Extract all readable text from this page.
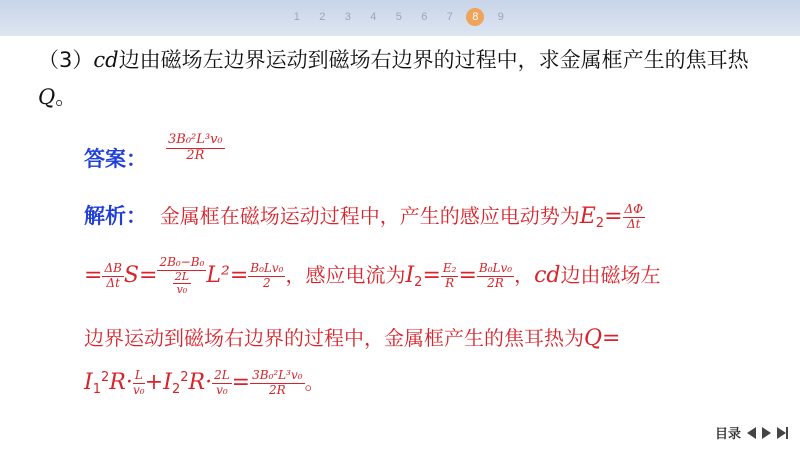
1	2	3	4	5	6	7	8	9
（3）cd边由磁场左边界运动到磁场右边界的过程中，求金属框产生的焦耳热Q。
答案： $\frac{\text{3B₀²L³v₀}}{2R}$
解析： 金属框在磁场运动过程中，产生的感应电动势为$E_2= \frac{\Delta\Phi}{\Delta t}$
= $\frac{\Delta B}{\Delta t} S= \frac{\text{2B₀−B₀}}{\frac{2L}{\text{v₀}}} L^2= \frac{\text{B₀Lv₀}}{2}$ ，感应电流为$I_2= \frac{\text{E₂}}{R} = \frac{\text{B₀Lv₀}}{2R}$ ，cd边由磁场左
边界运动到磁场右边界的过程中，金属框产生的焦耳热为Q=
$I_1^2R\cdot \frac{L}{\text{v₀}} +I_2^2R\cdot \frac{2L}{\text{v₀}} = \frac{\text{3B₀²L³v₀}}{2R}$ 。
目录
